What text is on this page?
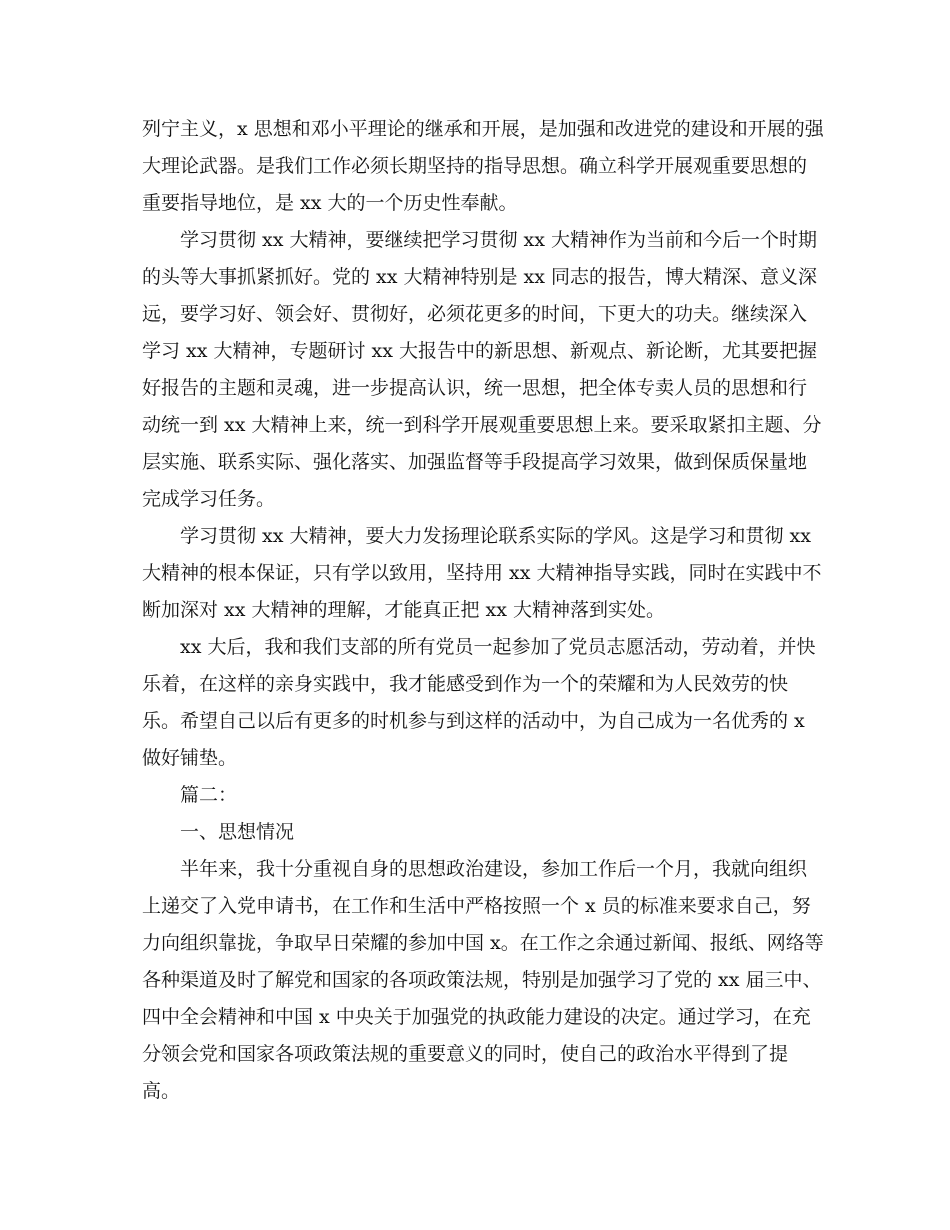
列宁主义，x 思想和邓小平理论的继承和开展，是加强和改进党的建设和开展的强
大理论武器。是我们工作必须长期坚持的指导思想。确立科学开展观重要思想的
重要指导地位，是 xx 大的一个历史性奉献。
学习贯彻 xx 大精神，要继续把学习贯彻 xx 大精神作为当前和今后一个时期
的头等大事抓紧抓好。党的 xx 大精神特别是 xx 同志的报告，博大精深、意义深
远，要学习好、领会好、贯彻好，必须花更多的时间，下更大的功夫。继续深入
学习 xx 大精神，专题研讨 xx 大报告中的新思想、新观点、新论断，尤其要把握
好报告的主题和灵魂，进一步提高认识，统一思想，把全体专卖人员的思想和行
动统一到 xx 大精神上来，统一到科学开展观重要思想上来。要采取紧扣主题、分
层实施、联系实际、强化落实、加强监督等手段提高学习效果，做到保质保量地
完成学习任务。
学习贯彻 xx 大精神，要大力发扬理论联系实际的学风。这是学习和贯彻 xx
大精神的根本保证，只有学以致用，坚持用 xx 大精神指导实践，同时在实践中不
断加深对 xx 大精神的理解，才能真正把 xx 大精神落到实处。
xx 大后，我和我们支部的所有党员一起参加了党员志愿活动，劳动着，并快
乐着，在这样的亲身实践中，我才能感受到作为一个的荣耀和为人民效劳的快
乐。希望自己以后有更多的时机参与到这样的活动中，为自己成为一名优秀的 x
做好铺垫。
篇二：
一、思想情况
半年来，我十分重视自身的思想政治建设，参加工作后一个月，我就向组织
上递交了入党申请书，在工作和生活中严格按照一个 x 员的标准来要求自己，努
力向组织靠拢，争取早日荣耀的参加中国 x。在工作之余通过新闻、报纸、网络等
各种渠道及时了解党和国家的各项政策法规，特别是加强学习了党的 xx 届三中、
四中全会精神和中国 x 中央关于加强党的执政能力建设的决定。通过学习，在充
分领会党和国家各项政策法规的重要意义的同时，使自己的政治水平得到了提
高。
